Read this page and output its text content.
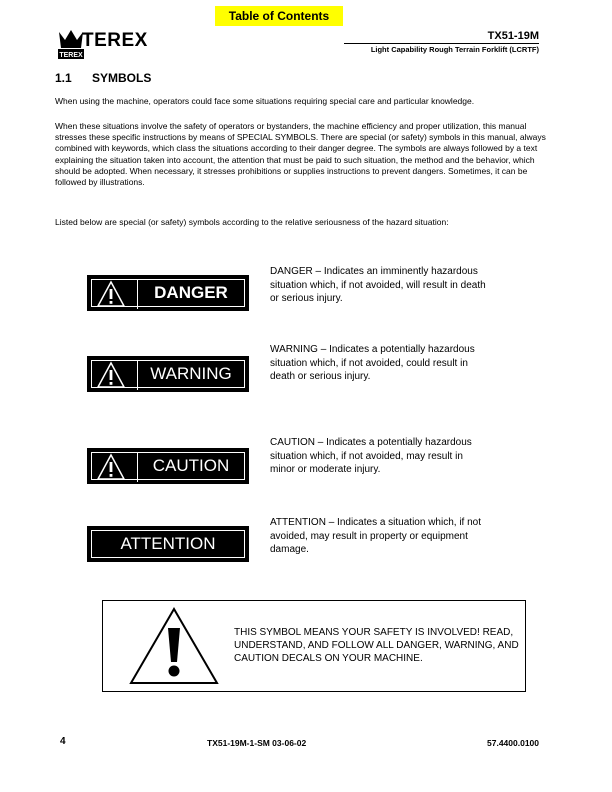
Table of Contents
TEREX
TEREX	TX51-19M
Light Capability Rough Terrain Forklift (LCRTF)
1.1 SYMBOLS
When using the machine, operators could face some situations requiring special care and particular knowledge.
When these situations involve the safety of operators or bystanders, the machine efficiency and proper utilization, this manual stresses these specific instructions by means of SPECIAL SYMBOLS. There are special (or safety) symbols in this manual, always combined with keywords, which class the situations according to their danger degree. The symbols are always followed by a text explaining the situation taken into account, the attention that must be paid to such situation, the method and the behavior, which should be adopted. When necessary, it stresses prohibitions or supplies instructions to prevent dangers. Sometimes, it can be followed by illustrations.
Listed below are special (or safety) symbols according to the relative seriousness of the hazard situation:
DANGER
DANGER – Indicates an imminently hazardous situation which, if not avoided, will result in death or serious injury.
WARNING
WARNING – Indicates a potentially hazardous situation which, if not avoided, could result in death or serious injury.
CAUTION
CAUTION – Indicates a potentially hazardous situation which, if not avoided, may result in minor or moderate injury.
ATTENTION
ATTENTION – Indicates a situation which, if not avoided, may result in property or equipment damage.
THIS SYMBOL MEANS YOUR SAFETY IS INVOLVED! READ, UNDERSTAND, AND FOLLOW ALL DANGER, WARNING, AND CAUTION DECALS ON YOUR MACHINE.
4	TX51-19M-1-SM 03-06-02	57.4400.0100
